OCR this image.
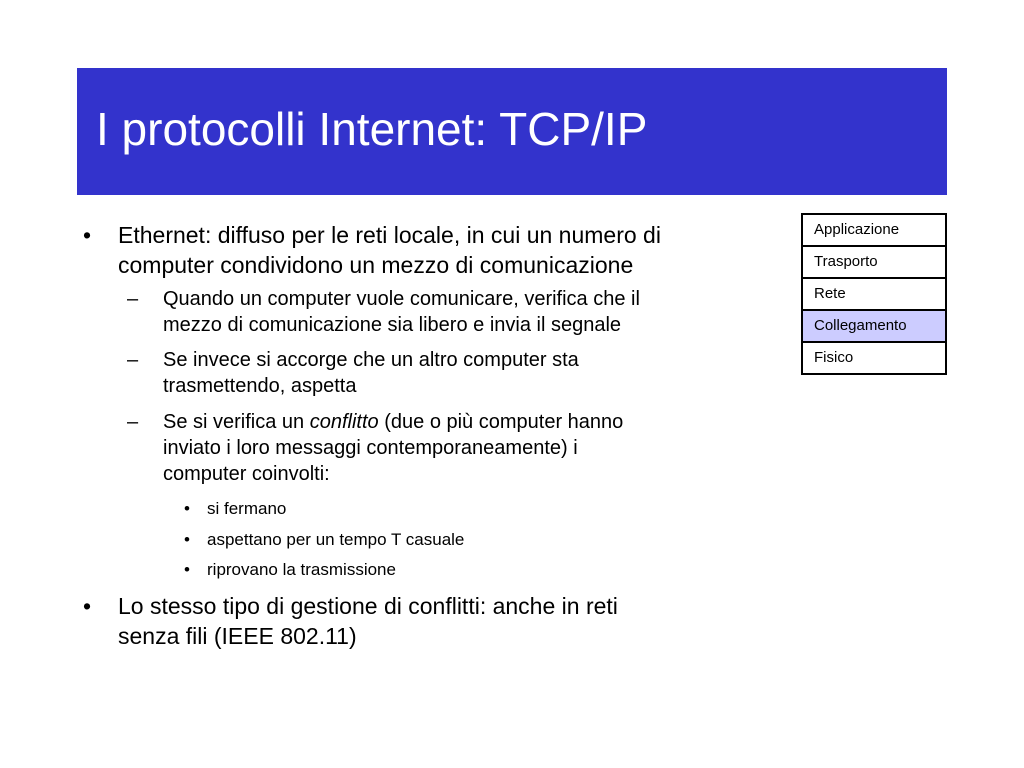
I protocolli Internet: TCP/IP
• Ethernet: diffuso per le reti locale, in cui un numero di
computer condividono un mezzo di comunicazione
– Quando un computer vuole comunicare, verifica che il
mezzo di comunicazione sia libero e invia il segnale
– Se invece si accorge che un altro computer sta
trasmettendo, aspetta
– Se si verifica un conflitto (due o più computer hanno
inviato i loro messaggi contemporaneamente) i
computer coinvolti:
• si fermano
• aspettano per un tempo T casuale
• riprovano la trasmissione
• Lo stesso tipo di gestione di conflitti: anche in reti
senza fili (IEEE 802.11)
Applicazione
Trasporto
Rete
Collegamento
Fisico
